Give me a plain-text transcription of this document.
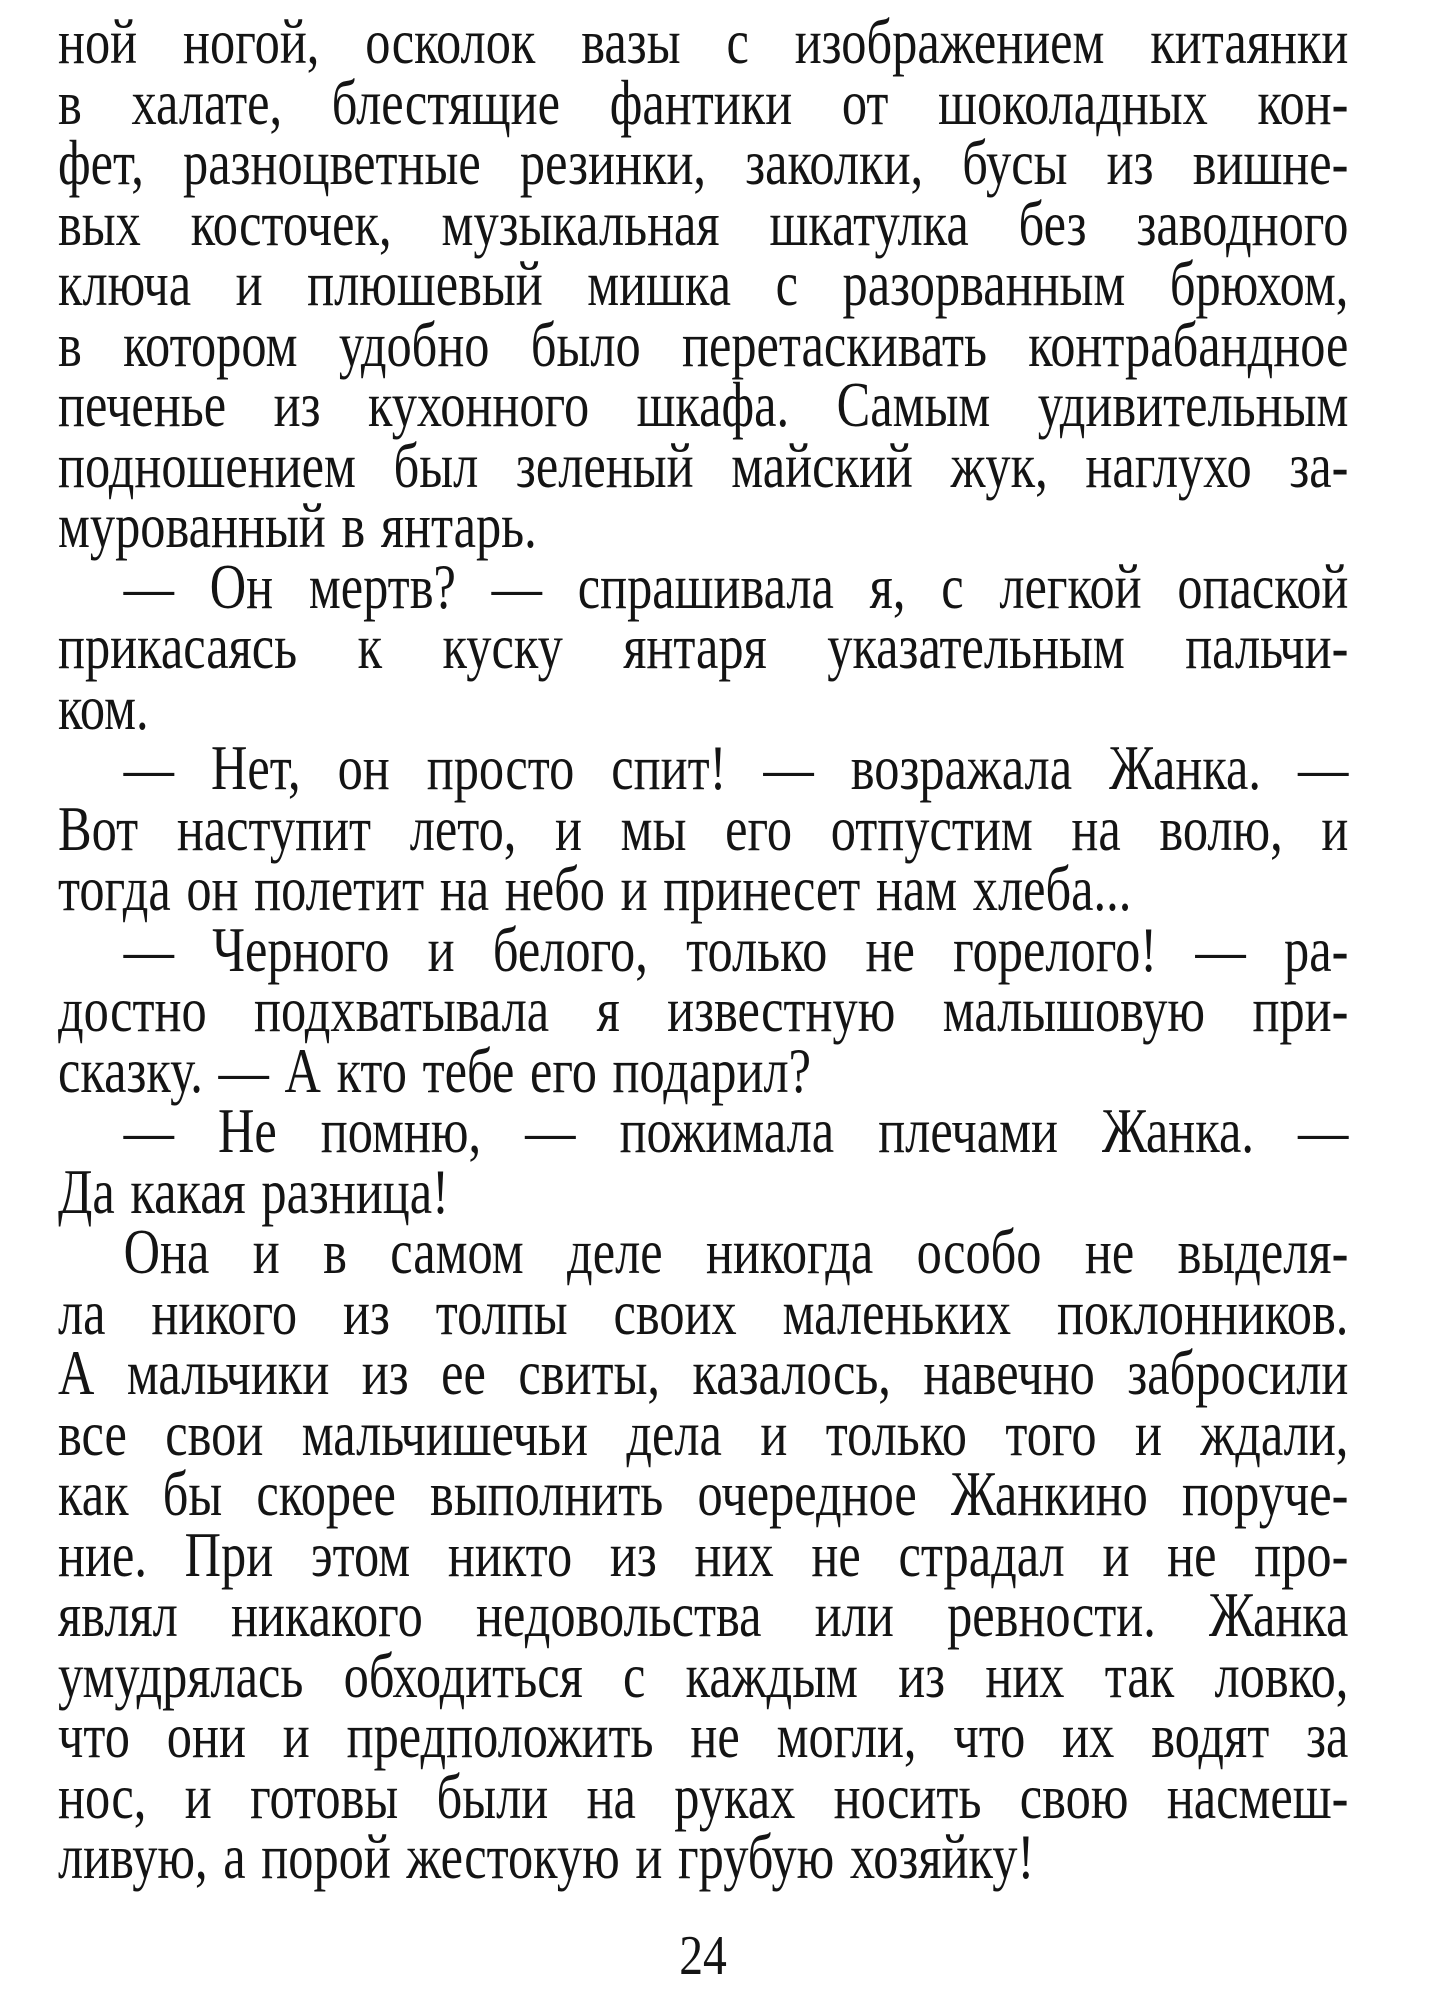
ной ногой, осколок вазы с изображением китаянки
в халате, блестящие фантики от шоколадных кон-
фет, разноцветные резинки, заколки, бусы из вишне-
вых косточек, музыкальная шкатулка без заводного
ключа и плюшевый мишка с разорванным брюхом,
в котором удобно было перетаскивать контрабандное
печенье из кухонного шкафа. Самым удивительным
подношением был зеленый майский жук, наглухо за-
мурованный в янтарь.
— Он мертв? — спрашивала я, с легкой опаской
прикасаясь к куску янтаря указательным пальчи-
ком.
— Нет, он просто спит! — возражала Жанка. —
Вот наступит лето, и мы его отпустим на волю, и
тогда он полетит на небо и принесет нам хлеба...
— Черного и белого, только не горелого! — ра-
достно подхватывала я известную малышовую при-
сказку. — А кто тебе его подарил?
— Не помню, — пожимала плечами Жанка. —
Да какая разница!
Она и в самом деле никогда особо не выделя-
ла никого из толпы своих маленьких поклонников.
А мальчики из ее свиты, казалось, навечно забросили
все свои мальчишечьи дела и только того и ждали,
как бы скорее выполнить очередное Жанкино поруче-
ние. При этом никто из них не страдал и не про-
являл никакого недовольства или ревности. Жанка
умудрялась обходиться с каждым из них так ловко,
что они и предположить не могли, что их водят за
нос, и готовы были на руках носить свою насмеш-
ливую, а порой жестокую и грубую хозяйку!
24
